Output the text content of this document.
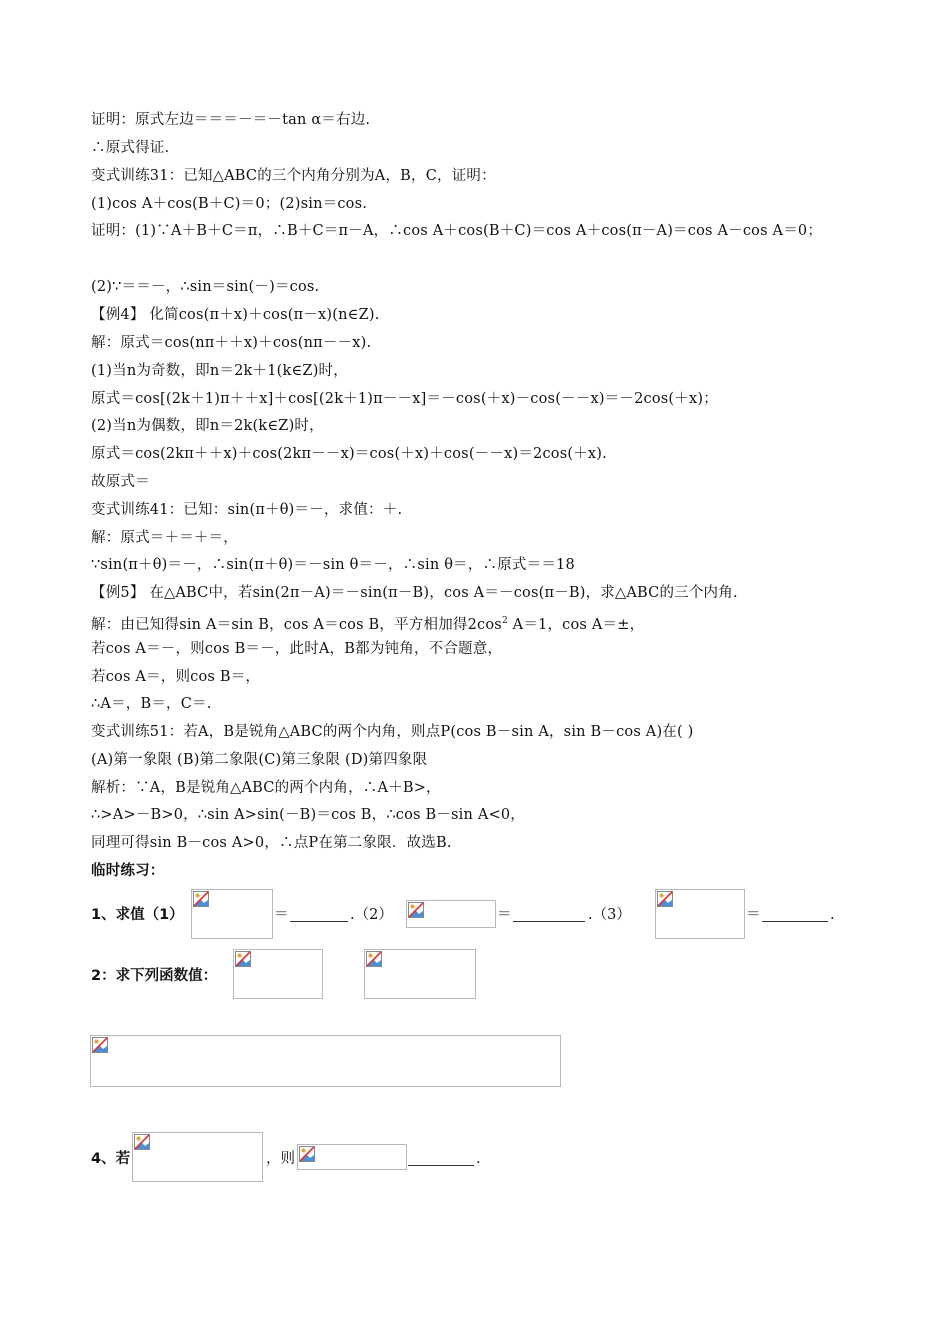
证明：原式左边＝＝＝－＝－tan α＝右边.
∴原式得证.
变式训练31：已知△ABC的三个内角分别为A，B，C，证明：
(1)cos A＋cos(B＋C)＝0；(2)sin＝cos.
证明：(1)∵A＋B＋C＝π，∴B＋C＝π－A，∴cos A＋cos(B＋C)＝cos A＋cos(π－A)＝cos A－cos A＝0；
(2)∵＝＝－，∴sin＝sin(－)＝cos.
【例4】 化简cos(π＋x)＋cos(π－x)(n∈Z).
解：原式＝cos(nπ＋＋x)＋cos(nπ－－x).
(1)当n为奇数，即n＝2k＋1(k∈Z)时，
原式＝cos[(2k＋1)π＋＋x]＋cos[(2k＋1)π－－x]＝－cos(＋x)－cos(－－x)＝－2cos(＋x)；
(2)当n为偶数，即n＝2k(k∈Z)时，
原式＝cos(2kπ＋＋x)＋cos(2kπ－－x)＝cos(＋x)＋cos(－－x)＝2cos(＋x).
故原式＝
变式训练41：已知：sin(π＋θ)＝－，求值：＋.
解：原式＝＋＝＋＝，
∵sin(π＋θ)＝－，∴sin(π＋θ)＝－sin θ＝－，∴sin θ＝，∴原式＝＝18
【例5】 在△ABC中，若sin(2π－A)＝－sin(π－B)，cos A＝－cos(π－B)，求△ABC的三个内角.
解：由已知得sin A＝sin B，cos A＝cos B，平方相加得$2\cos^2$ A＝1，cos A＝±，
若cos A＝－，则cos B＝－，此时A，B都为钝角，不合题意，
若cos A＝，则cos B＝，
∴A＝，B＝，C＝.
变式训练51：若A，B是锐角△ABC的两个内角，则点P(cos B－sin A，sin B－cos A)在( )
(A)第一象限 (B)第二象限(C)第三象限 (D)第四象限
解析：∵A，B是锐角△ABC的两个内角，∴A＋B>，
∴>A>－B>0，∴sin A>sin(－B)＝cos B，∴cos B－sin A<0，
同理可得sin B－cos A>0，∴点P在第二象限．故选B.
临时练习：
1、求值（1）	＝	.（2）	＝	.（3）	＝	.
2：求下列函数值：
4、若	，则	.
